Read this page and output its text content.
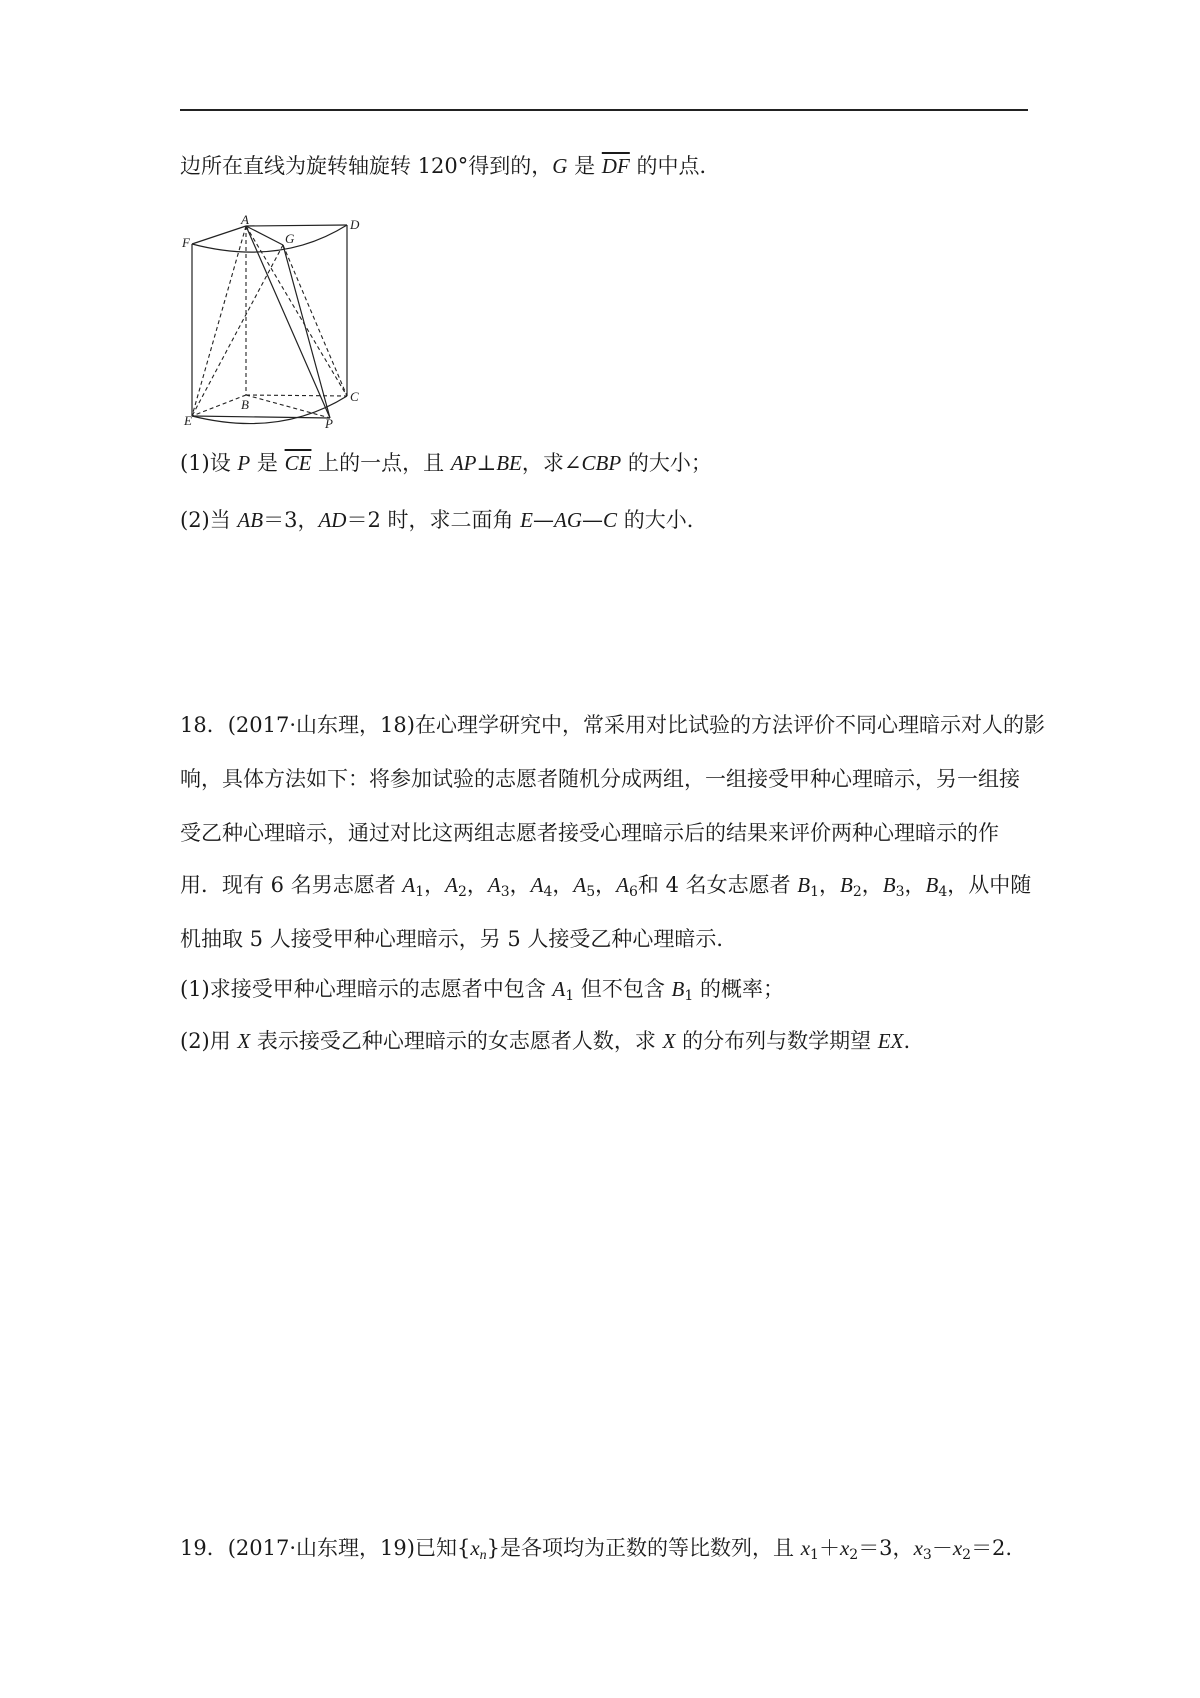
边所在直线为旋转轴旋转 120°得到的，G 是 $\overline{DF}$ 的中点．
A	D
F	G
B
C
E	P
(1)设 P 是 $\overline{CE}$ 上的一点，且 AP⊥BE，求∠CBP 的大小；
(2)当 AB＝3，AD＝2 时，求二面角 E—AG—C 的大小．
18．(2017·山东理，18)在心理学研究中，常采用对比试验的方法评价不同心理暗示对人的影
响，具体方法如下：将参加试验的志愿者随机分成两组，一组接受甲种心理暗示，另一组接
受乙种心理暗示，通过对比这两组志愿者接受心理暗示后的结果来评价两种心理暗示的作
用．现有 6 名男志愿者 $A_1$，$A_2$，$A_3$，$A_4$，$A_5$，$A_6$和 4 名女志愿者 $B_1$，$B_2$，$B_3$，$B_4$，从中随
机抽取 5 人接受甲种心理暗示，另 5 人接受乙种心理暗示．
(1)求接受甲种心理暗示的志愿者中包含 $A_1$ 但不包含 $B_1$ 的概率；
(2)用 X 表示接受乙种心理暗示的女志愿者人数，求 X 的分布列与数学期望 EX.
19．(2017·山东理，19)已知$\{x_n\}$是各项均为正数的等比数列，且 $x_1+x_2=3$，$x_3-x_2=2$.
